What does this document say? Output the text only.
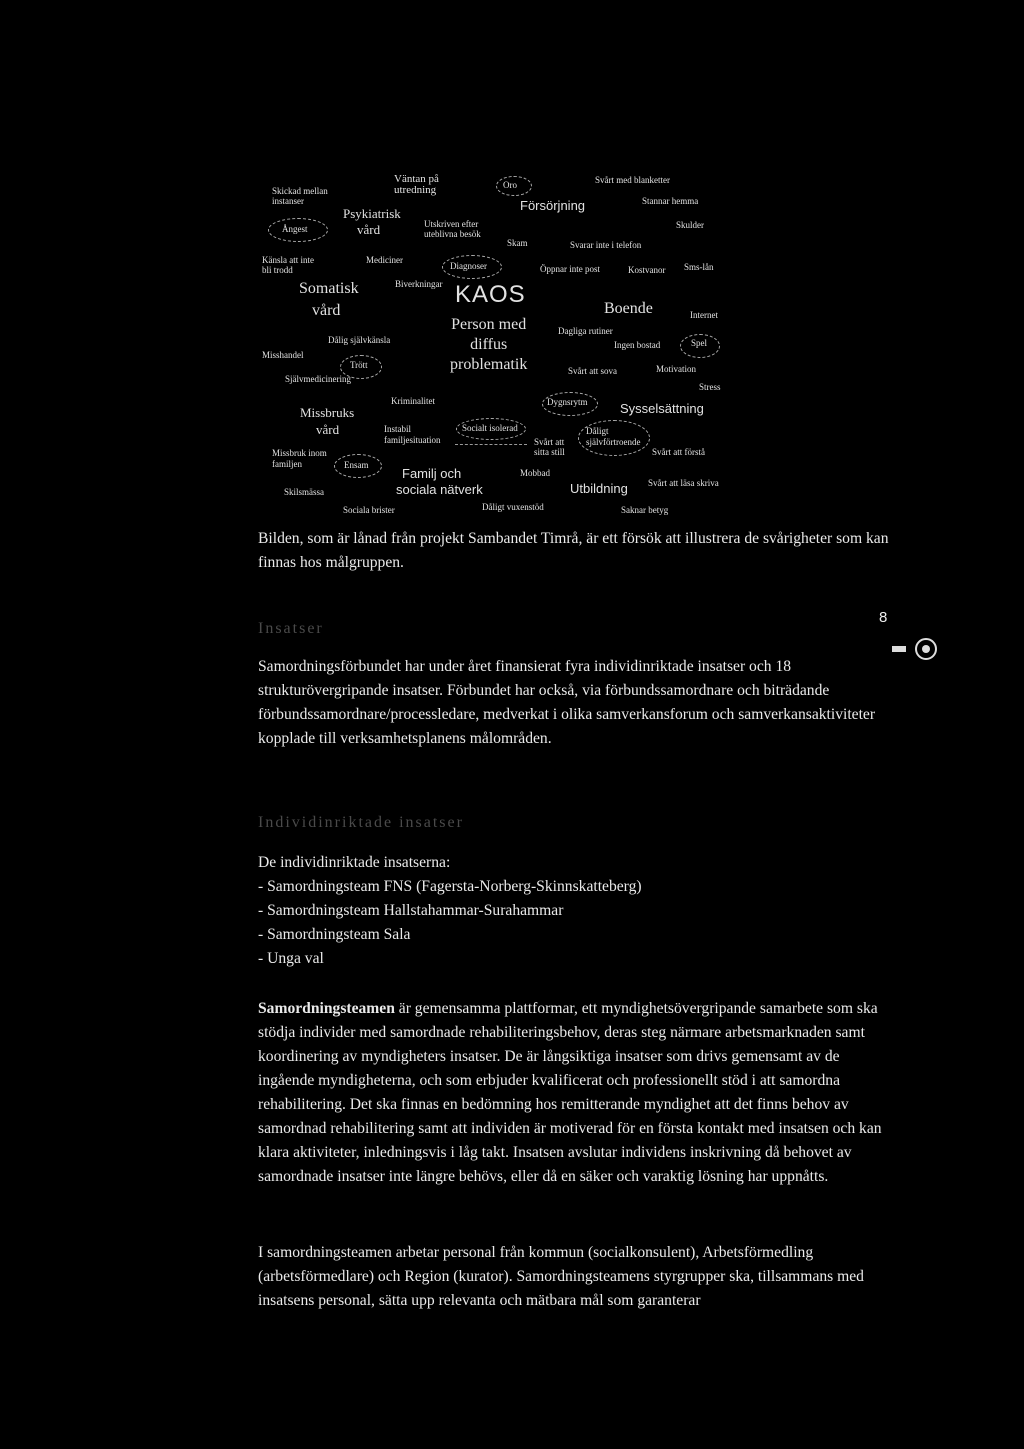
Skickad mellan
instanser
Väntan på
utredning	Oro	Svårt med blanketter
Psykiatrisk
vård
Försörjning	Stannar hemma
Ångest	Utskriven efter
uteblivna besök
Skam
Skulder
Svarar inte i telefon
Känsla att inte
bli trodd
Mediciner
Diagnoser	Öppnar inte post	Kostvanor Sms-lån
Somatisk
vård
Biverkningar KAOS
Boende	Internet
Person med
diffus
problematik
Dålig självkänsla
Dagliga rutiner
Ingen bostad	Spel
Misshandel
Trött
Svårt att sova	Motivation
Självmedicinering
Stress
Kriminalitet	Dygnsrytm	Sysselsättning
Missbruks
vård	Instabil
familjesituation
Socialt isolerad
Svårt att
sitta still
Dåligt
självförtroende
Svårt att förstå
Missbruk inom
familjen	Ensam
Familj och
sociala nätverk
Mobbad
Utbildning Svårt att läsa skriva
Skilsmässa
Dåligt vuxenstöd
Sociala brister	Saknar betyg

Bilden, som är lånad från projekt Sambandet Timrå, är ett försök att illustrera de svårigheter som kan finnas hos målgruppen.

Insatser

Samordningsförbundet har under året finansierat fyra individinriktade insatser och 18 strukturövergripande insatser. Förbundet har också, via förbundssamordnare och biträdande förbundssamordnare/processledare, medverkat i olika samverkansforum och samverkansaktiviteter kopplade till verksamhetsplanens målområden.

Individinriktade insatser

De individinriktade insatserna:

- Samordningsteam FNS (Fagersta-Norberg-Skinnskatteberg)
- Samordningsteam Hallstahammar-Surahammar
- Samordningsteam Sala
- Unga val

Samordningsteamen är gemensamma plattformar, ett myndighetsövergripande samarbete som ska stödja individer med samordnade rehabiliteringsbehov, deras steg närmare arbetsmarknaden samt koordinering av myndigheters insatser. De är långsiktiga insatser som drivs gemensamt av de ingående myndigheterna, och som erbjuder kvalificerat och professionellt stöd i att samordna rehabilitering. Det ska finnas en bedömning hos remitterande myndighet att det finns behov av samordnad rehabilitering samt att individen är motiverad för en första kontakt med insatsen och kan klara aktiviteter, inledningsvis i låg takt. Insatsen avslutar individens inskrivning då behovet av samordnade insatser inte längre behövs, eller då en säker och varaktig lösning har uppnåtts.

I samordningsteamen arbetar personal från kommun (socialkonsulent), Arbetsförmedling (arbetsförmedlare) och Region (kurator). Samordningsteamens styrgrupper ska, tillsammans med insatsens personal, sätta upp relevanta och mätbara mål som garanterar

8
